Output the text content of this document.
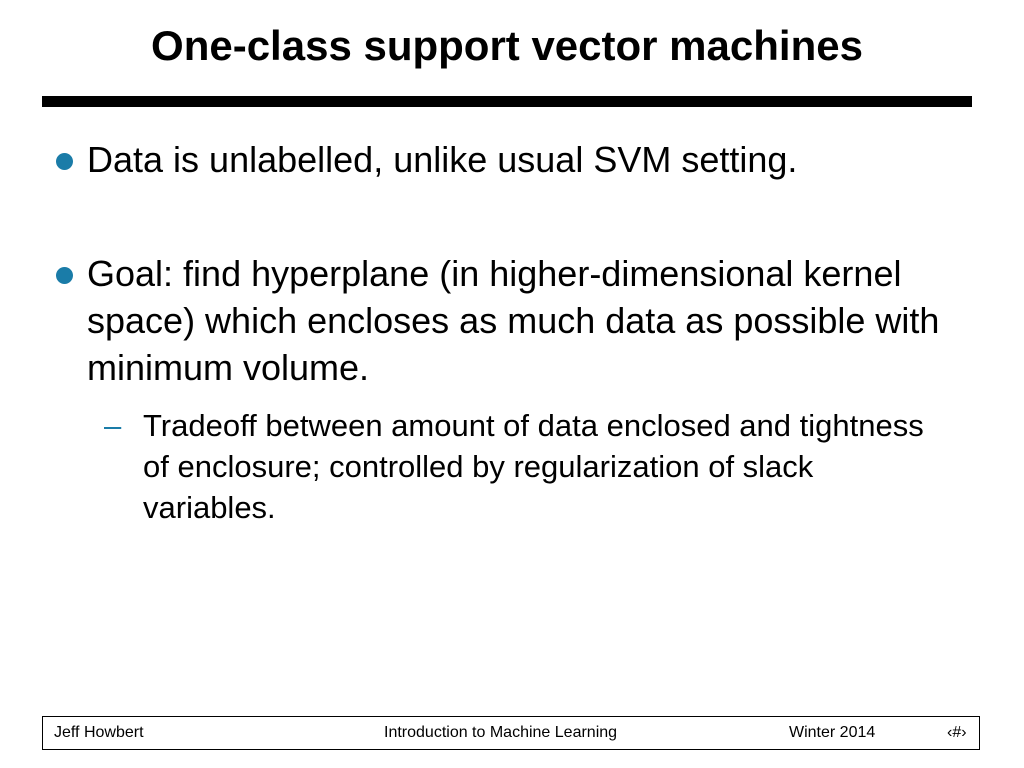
One-class support vector machines
Data is unlabelled, unlike usual SVM setting.
Goal: find hyperplane (in higher-dimensional kernel space) which encloses as much data as possible with minimum volume.
– Tradeoff between amount of data enclosed and tightness of enclosure; controlled by regularization of slack variables.
Jeff Howbert	Introduction to Machine Learning	Winter 2014	‹#›
